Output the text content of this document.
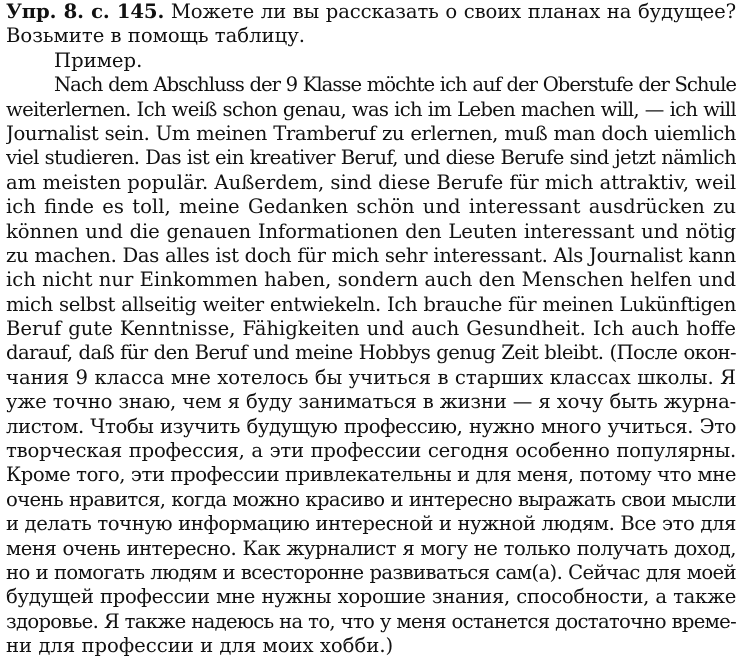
Упр. 8. с. 145. Можете ли вы рассказать о своих планах на будущее?
Возьмите в помощь таблицу.
Пример.
Nach dem Abschluss der 9 Klasse möchte ich auf der Oberstufe der Schule
weiterlernen. Ich weiß schon genau, was ich im Leben machen will, — ich will
Journalist sein. Um meinen Tramberuf zu erlernen, muß man doch uiemlich
viel studieren. Das ist ein kreativer Beruf, und diese Berufe sind jetzt nämlich
am meisten populär. Außerdem, sind diese Berufe für mich attraktiv, weil
ich finde es toll, meine Gedanken schön und interessant ausdrücken zu
können und die genauen Informationen den Leuten interessant und nötig
zu machen. Das alles ist doch für mich sehr interessant. Als Journalist kann
ich nicht nur Einkommen haben, sondern auch den Menschen helfen und
mich selbst allseitig weiter entwiekeln. Ich brauche für meinen Lukünftigen
Beruf gute Kenntnisse, Fähigkeiten und auch Gesundheit. Ich auch hoffe
darauf, daß für den Beruf und meine Hobbys genug Zeit bleibt. (После окон-
чания 9 класса мне хотелось бы учиться в старших классах школы. Я
уже точно знаю, чем я буду заниматься в жизни — я хочу быть журна-
листом. Чтобы изучить будущую профессию, нужно много учиться. Это
творческая профессия, а эти профессии сегодня особенно популярны.
Кроме того, эти профессии привлекательны и для меня, потому что мне
очень нравится, когда можно красиво и интересно выражать свои мысли
и делать точную информацию интересной и нужной людям. Все это для
меня очень интересно. Как журналист я могу не только получать доход,
но и помогать людям и всесторонне развиваться сам(а). Сейчас для моей
будущей профессии мне нужны хорошие знания, способности, а также
здоровье. Я также надеюсь на то, что у меня останется достаточно време-
ни для профессии и для моих хобби.)
